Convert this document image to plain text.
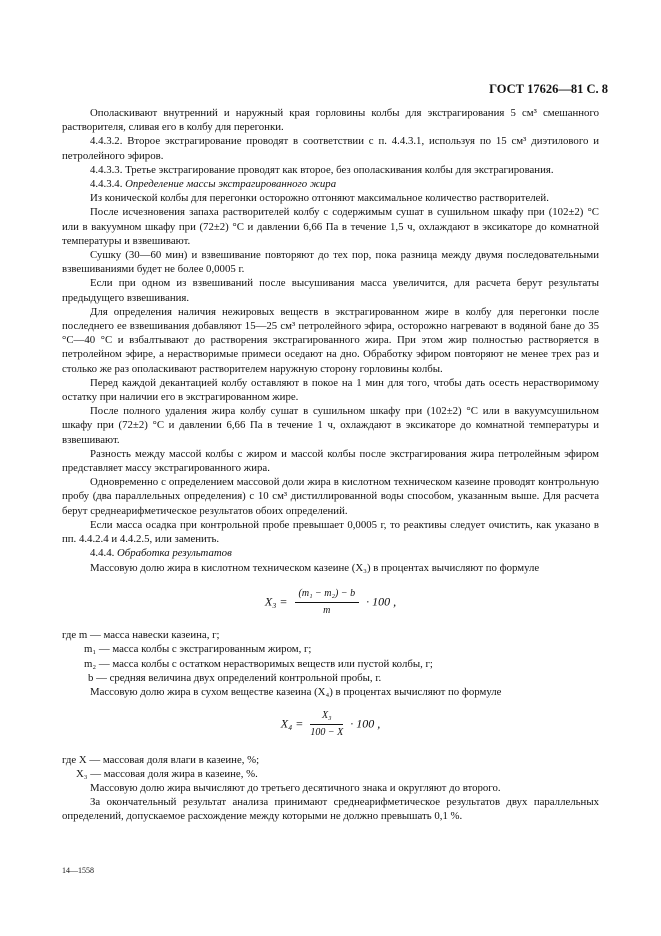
ГОСТ 17626—81 С. 8

Ополаскивают внутренний и наружный края горловины колбы для экстрагирования 5 см³ смешанного растворителя, сливая его в колбу для перегонки.

4.4.3.2. Второе экстрагирование проводят в соответствии с п. 4.4.3.1, используя по 15 см³ диэтилового и петролейного эфиров.

4.4.3.3. Третье экстрагирование проводят как второе, без ополаскивания колбы для экстрагирования.

4.4.3.4. Определение массы экстрагированного жира

Из конической колбы для перегонки осторожно отгоняют максимальное количество растворителей.

После исчезновения запаха растворителей колбу с содержимым сушат в сушильном шкафу при (102±2) °С или в вакуумном шкафу при (72±2) °С и давлении 6,66 Па в течение 1,5 ч, охлаждают в эксикаторе до комнатной температуры и взвешивают.

Сушку (30—60 мин) и взвешивание повторяют до тех пор, пока разница между двумя последовательными взвешиваниями будет не более 0,0005 г.

Если при одном из взвешиваний после высушивания масса увеличится, для расчета берут результаты предыдущего взвешивания.

Для определения наличия нежировых веществ в экстрагированном жире в колбу для перегонки после последнего ее взвешивания добавляют 15—25 см³ петролейного эфира, осторожно нагревают в водяной бане до 35 °С—40 °С и взбалтывают до растворения экстрагированного жира. При этом жир полностью растворяется в петролейном эфире, а нерастворимые примеси оседают на дно. Обработку эфиром повторяют не менее трех раз и столько же раз ополаскивают растворителем наружную сторону горловины колбы.

Перед каждой декантацией колбу оставляют в покое на 1 мин для того, чтобы дать осесть нерастворимому остатку при наличии его в экстрагированном жире.

После полного удаления жира колбу сушат в сушильном шкафу при (102±2) °С или в вакуумсушильном шкафу при (72±2) °С и давлении 6,66 Па в течение 1 ч, охлаждают в эксикаторе до комнатной температуры и взвешивают.

Разность между массой колбы с жиром и массой колбы после экстрагирования жира петролейным эфиром представляет массу экстрагированного жира.

Одновременно с определением массовой доли жира в кислотном техническом казеине проводят контрольную пробу (два параллельных определения) с 10 см³ дистиллированной воды способом, указанным выше. Для расчета берут среднеарифметическое результатов обоих определений.

Если масса осадка при контрольной пробе превышает 0,0005 г, то реактивы следует очистить, как указано в пп. 4.4.2.4 и 4.4.2.5, или заменить.

4.4.4. Обработка результатов

Массовую долю жира в кислотном техническом казеине (X₃) в процентах вычисляют по формуле

$X_3 = \frac{\text{(m₁ − m₂) − b}}{m} \cdot 100$ ,

где m — масса навески казеина, г;

m₁ — масса колбы с экстрагированным жиром, г;

m₂ — масса колбы с остатком нерастворимых веществ или пустой колбы, г;

b — средняя величина двух определений контрольной пробы, г.

Массовую долю жира в сухом веществе казеина (X₄) в процентах вычисляют по формуле

$X_4 = \frac{\text{X₃}}{100 - X} \cdot 100$ ,

где X — массовая доля влаги в казеине, %;

X₃ — массовая доля жира в казеине, %.

Массовую долю жира вычисляют до третьего десятичного знака и округляют до второго.

За окончательный результат анализа принимают среднеарифметическое результатов двух параллельных определений, допускаемое расхождение между которыми не должно превышать 0,1 %.

14—1558
